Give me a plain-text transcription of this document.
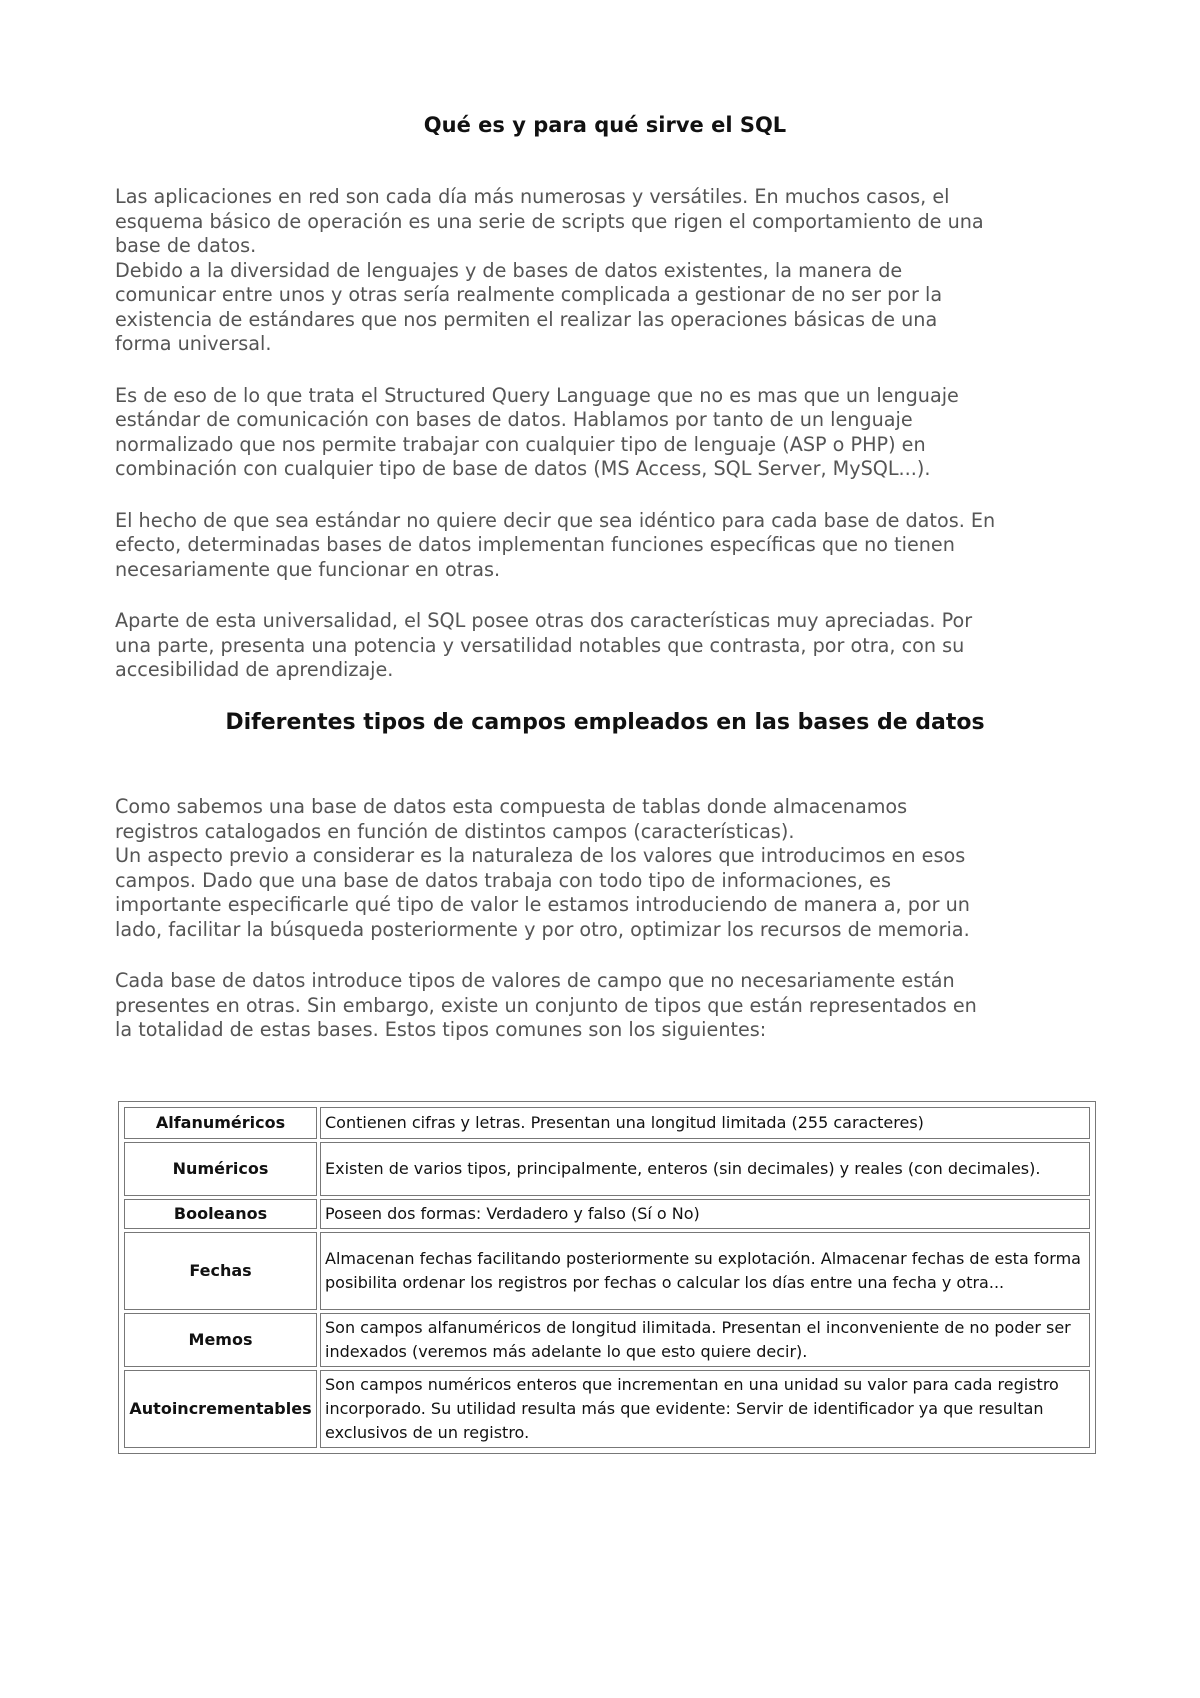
Qué es y para qué sirve el SQL

Las aplicaciones en red son cada día más numerosas y versátiles. En muchos casos, el
esquema básico de operación es una serie de scripts que rigen el comportamiento de una
base de datos.
Debido a la diversidad de lenguajes y de bases de datos existentes, la manera de
comunicar entre unos y otras sería realmente complicada a gestionar de no ser por la
existencia de estándares que nos permiten el realizar las operaciones básicas de una
forma universal.

Es de eso de lo que trata el Structured Query Language que no es mas que un lenguaje
estándar de comunicación con bases de datos. Hablamos por tanto de un lenguaje
normalizado que nos permite trabajar con cualquier tipo de lenguaje (ASP o PHP) en
combinación con cualquier tipo de base de datos (MS Access, SQL Server, MySQL...).

El hecho de que sea estándar no quiere decir que sea idéntico para cada base de datos. En
efecto, determinadas bases de datos implementan funciones específicas que no tienen
necesariamente que funcionar en otras.

Aparte de esta universalidad, el SQL posee otras dos características muy apreciadas. Por
una parte, presenta una potencia y versatilidad notables que contrasta, por otra, con su
accesibilidad de aprendizaje.

Diferentes tipos de campos empleados en las bases de datos

Como sabemos una base de datos esta compuesta de tablas donde almacenamos
registros catalogados en función de distintos campos (características).
Un aspecto previo a considerar es la naturaleza de los valores que introducimos en esos
campos. Dado que una base de datos trabaja con todo tipo de informaciones, es
importante especificarle qué tipo de valor le estamos introduciendo de manera a, por un
lado, facilitar la búsqueda posteriormente y por otro, optimizar los recursos de memoria.

Cada base de datos introduce tipos de valores de campo que no necesariamente están
presentes en otras. Sin embargo, existe un conjunto de tipos que están representados en
la totalidad de estas bases. Estos tipos comunes son los siguientes:

Alfanuméricos	Contienen cifras y letras. Presentan una longitud limitada (255 caracteres)
Numéricos	Existen de varios tipos, principalmente, enteros (sin decimales) y reales (con decimales).
Booleanos	Poseen dos formas: Verdadero y falso (Sí o No)
Fechas	Almacenan fechas facilitando posteriormente su explotación. Almacenar fechas de esta forma posibilita ordenar los registros por fechas o calcular los días entre una fecha y otra...
Memos	Son campos alfanuméricos de longitud ilimitada. Presentan el inconveniente de no poder ser indexados (veremos más adelante lo que esto quiere decir).
Autoincrementables	Son campos numéricos enteros que incrementan en una unidad su valor para cada registro incorporado. Su utilidad resulta más que evidente: Servir de identificador ya que resultan exclusivos de un registro.
